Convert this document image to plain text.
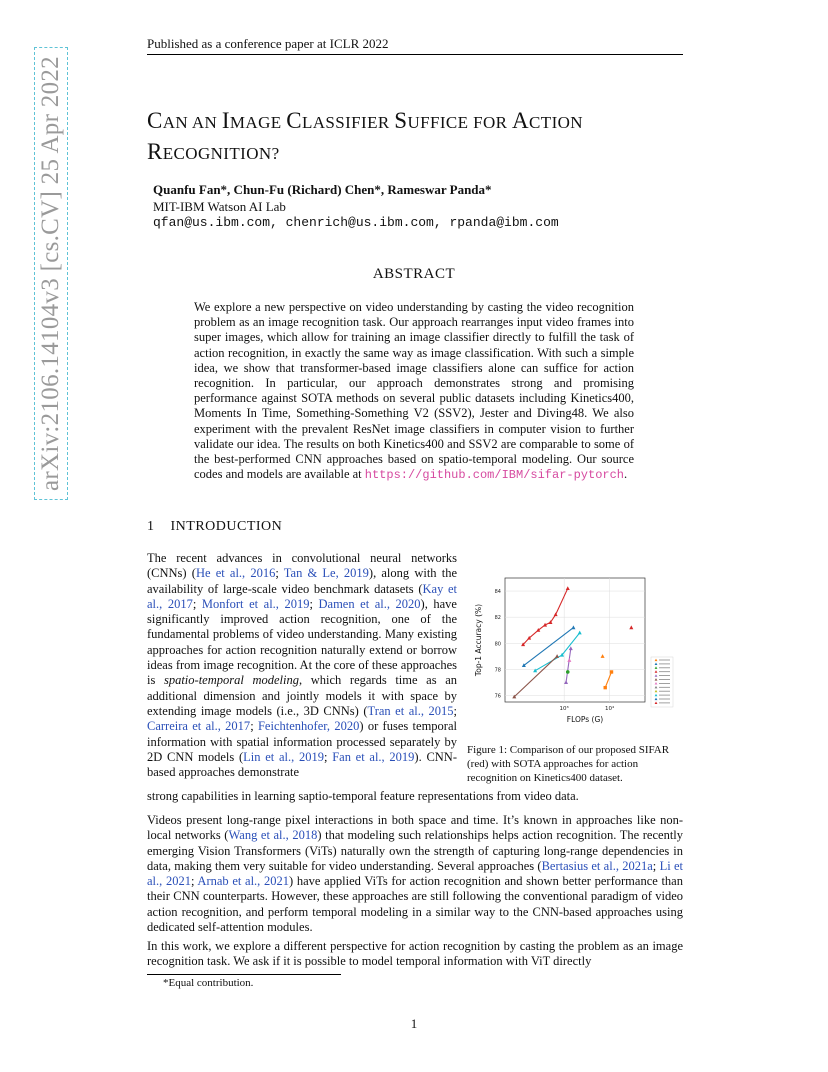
Published as a conference paper at ICLR 2022
arXiv:2106.14104v3 [cs.CV] 25 Apr 2022	CAN AN IMAGE CLASSIFIER SUFFICE FOR ACTION
RECOGNITION?
Quanfu Fan*, Chun-Fu (Richard) Chen*, Rameswar Panda*
MIT-IBM Watson AI Lab
qfan@us.ibm.com, chenrich@us.ibm.com, rpanda@ibm.com
ABSTRACT
We explore a new perspective on video understanding by casting the video recognition problem as an image recognition task. Our approach rearranges input video frames into super images, which allow for training an image classifier directly to fulfill the task of action recognition, in exactly the same way as image classification. With such a simple idea, we show that transformer-based image classifiers alone can suffice for action recognition. In particular, our approach demonstrates strong and promising performance against SOTA methods on several public datasets including Kinetics400, Moments In Time, Something-Something V2 (SSV2), Jester and Diving48. We also experiment with the prevalent ResNet image classifiers in computer vision to further validate our idea. The results on both Kinetics400 and SSV2 are comparable to some of the best-performed CNN approaches based on spatio-temporal modeling. Our source codes and models are available at https://github.com/IBM/sifar-pytorch.
1 INTRODUCTION
The recent advances in convolutional neural networks (CNNs) (He et al., 2016; Tan & Le, 2019), along with the availability of large-scale video benchmark datasets (Kay et al., 2017; Monfort et al., 2019; Damen et al., 2020), have significantly improved action recognition, one of the fundamental problems of video understanding. Many existing approaches for action recognition naturally extend or borrow ideas from image recognition. At the core of these approaches is spatio-temporal modeling, which regards time as an additional dimension and jointly models it with space by extending image models (i.e., 3D CNNs) (Tran et al., 2015; Carreira et al., 2017; Feichtenhofer, 2020) or fuses temporal information with spatial information processed separately by 2D CNN models (Lin et al., 2019; Fan et al., 2019). CNN-based approaches demonstrate
strong capabilities in learning saptio-temporal feature representations from video data.
76
78
80
82
84
10³	10⁴
FLOPs (G)
Top-1 Accuracy (%)
Figure 1: Comparison of our proposed SIFAR (red) with SOTA approaches for action recognition on Kinetics400 dataset.
Videos present long-range pixel interactions in both space and time. It’s known in approaches like non-local networks (Wang et al., 2018) that modeling such relationships helps action recognition. The recently emerging Vision Transformers (ViTs) naturally own the strength of capturing long-range dependencies in data, making them very suitable for video understanding. Several approaches (Bertasius et al., 2021a; Li et al., 2021; Arnab et al., 2021) have applied ViTs for action recognition and shown better performance than their CNN counterparts. However, these approaches are still following the conventional paradigm of video action recognition, and perform temporal modeling in a similar way to the CNN-based approaches using dedicated self-attention modules.
In this work, we explore a different perspective for action recognition by casting the problem as an image recognition task. We ask if it is possible to model temporal information with ViT directly
*Equal contribution.
1
